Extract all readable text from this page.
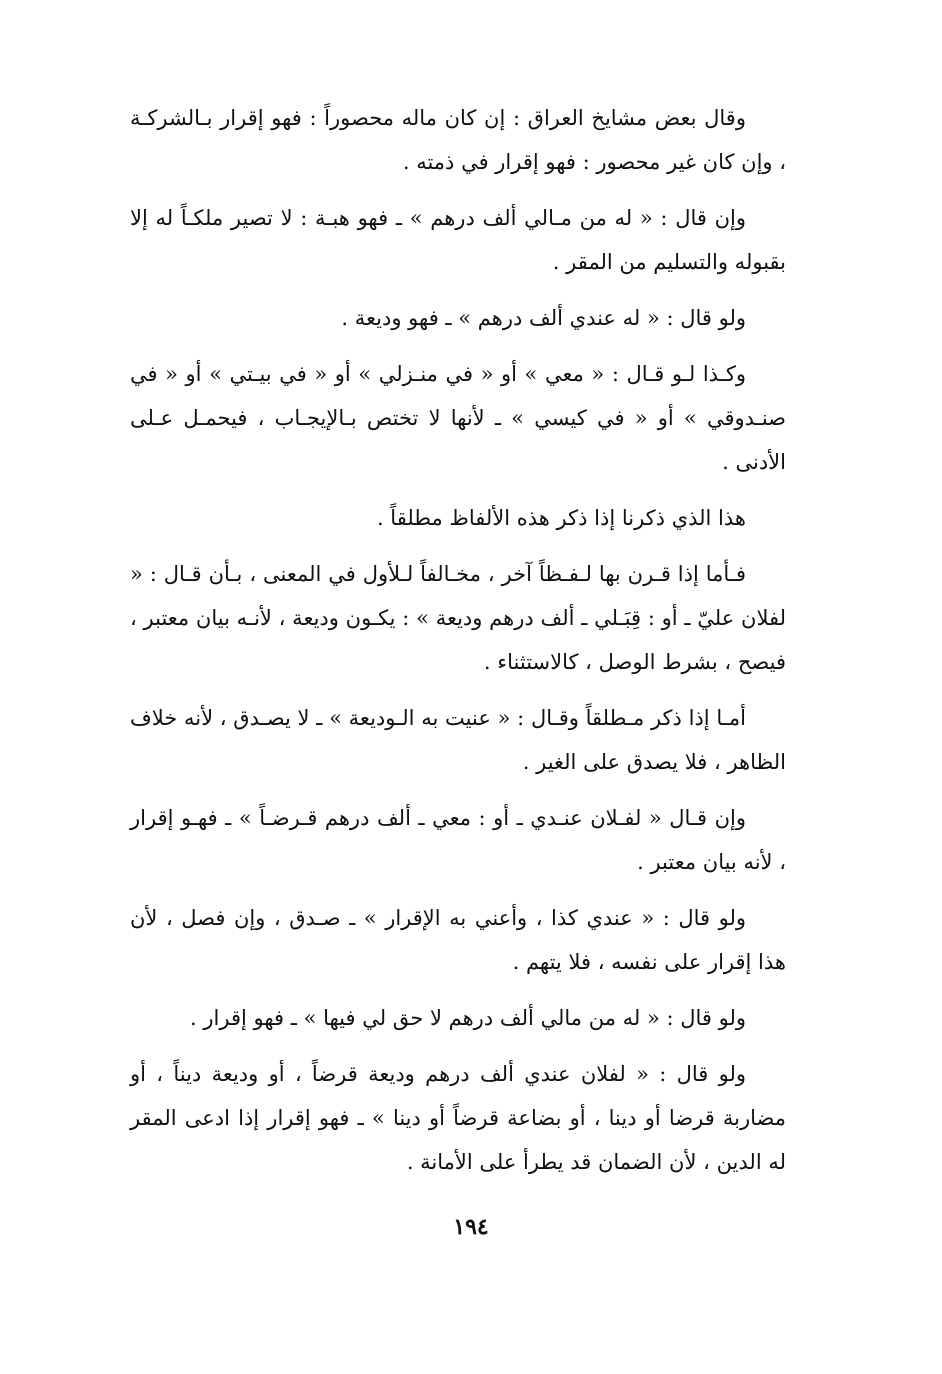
وقال بعض مشايخ العراق : إن كان ماله محصوراً : فهو إقرار بـالشركـة ، وإن كان غير محصور : فهو إقرار في ذمته .

وإن قال : « له من مـالي ألف درهم » ـ فهو هبـة : لا تصير ملكـاً له إلا بقبوله والتسليم من المقر .

ولو قال : « له عندي ألف درهم » ـ فهو وديعة .

وكـذا لـو قـال : « معي » أو « في منـزلي » أو « في بيـتي » أو « في صنـدوقي » أو « في كيسي » ـ لأنها لا تختص بـالإيجـاب ، فيحمـل عـلى الأدنى .

هذا الذي ذكرنا إذا ذكر هذه الألفاظ مطلقاً .

فـأما إذا قـرن بها لـفـظاً آخر ، مخـالفاً لـلأول في المعنى ، بـأن قـال : « لفلان عليّ ـ أو : قِبَـلي ـ ألف درهم وديعة » : يكـون وديعة ، لأنـه بيان معتبر ، فيصح ، بشرط الوصل ، كالاستثناء .

أمـا إذا ذكر مـطلقاً وقـال : « عنيت به الـوديعة » ـ لا يصـدق ، لأنه خلاف الظاهر ، فلا يصدق على الغير .

وإن قـال « لفـلان عنـدي ـ أو : معي ـ ألف درهم قـرضـاً » ـ فهـو إقرار ، لأنه بيان معتبر .

ولو قال : « عندي كذا ، وأعني به الإقرار » ـ صـدق ، وإن فصل ، لأن هذا إقرار على نفسه ، فلا يتهم .

ولو قال : « له من مالي ألف درهم لا حق لي فيها » ـ فهو إقرار .

ولو قال : « لفلان عندي ألف درهم وديعة قرضاً ، أو وديعة ديناً ، أو مضاربة قرضا أو دينا ، أو بضاعة قرضاً أو دينا » ـ فهو إقرار إذا ادعى المقر له الدين ، لأن الضمان قد يطرأ على الأمانة .

١٩٤
